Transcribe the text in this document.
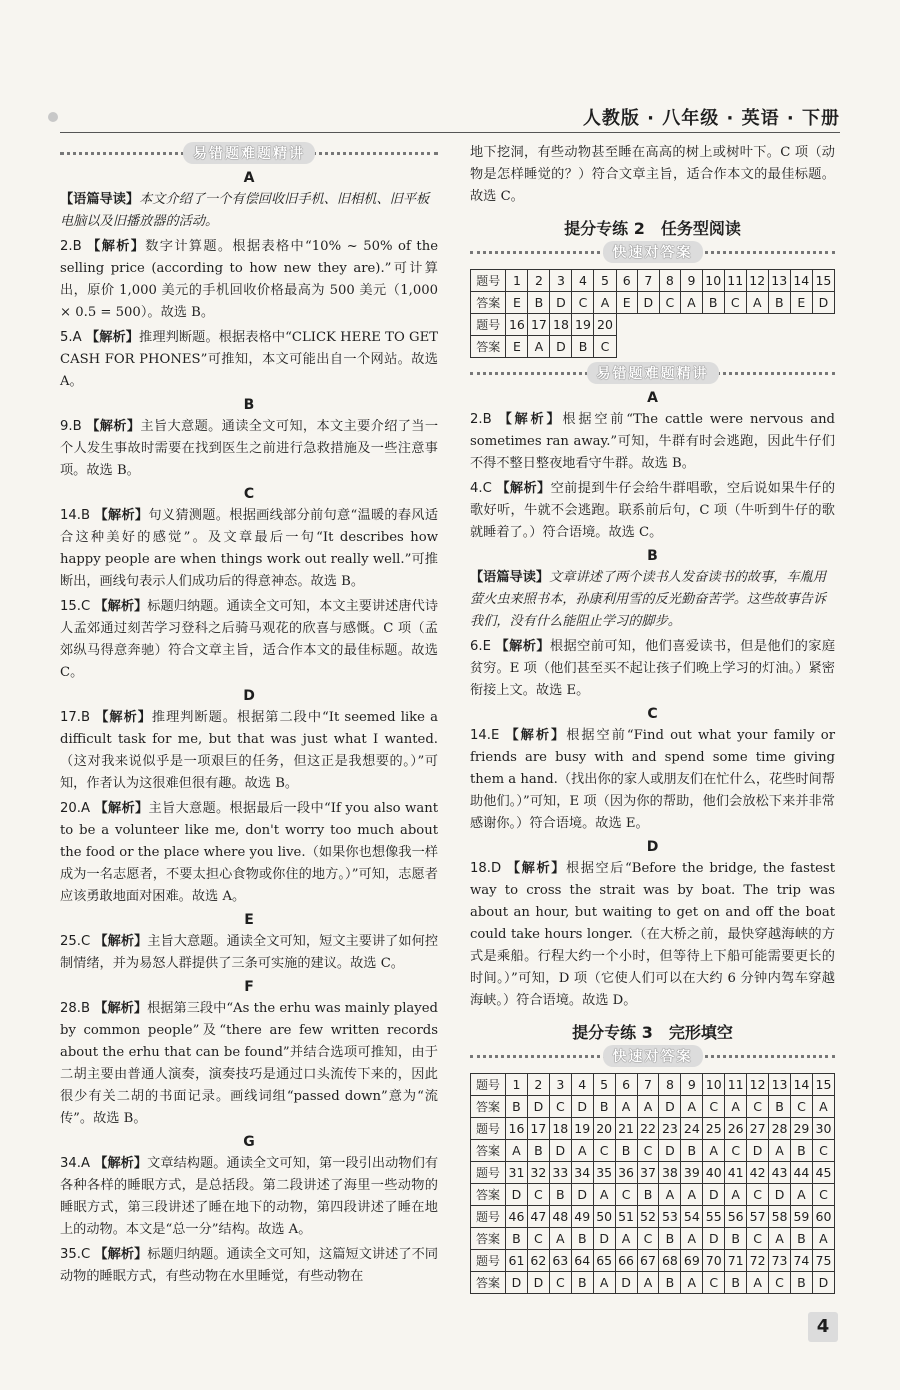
人教版 · 八年级 · 英语 · 下册
易错题难题精讲
A

【语篇导读】本文介绍了一个有偿回收旧手机、旧相机、旧平板电脑以及旧播放器的活动。

2.B 【解析】数字计算题。根据表格中“10% ~ 50% of the selling price (according to how new they are).”可计算出，原价 1,000 美元的手机回收价格最高为 500 美元（1,000 × 0.5 = 500）。故选 B。

5.A 【解析】推理判断题。根据表格中“CLICK HERE TO GET CASH FOR PHONES”可推知，本文可能出自一个网站。故选 A。

B

9.B 【解析】主旨大意题。通读全文可知，本文主要介绍了当一个人发生事故时需要在找到医生之前进行急救措施及一些注意事项。故选 B。

C

14.B 【解析】句义猜测题。根据画线部分前句意“温暖的春风适合这种美好的感觉”。及文章最后一句“It describes how happy people are when things work out really well.”可推断出，画线句表示人们成功后的得意神态。故选 B。

15.C 【解析】标题归纳题。通读全文可知，本文主要讲述唐代诗人孟郊通过刻苦学习登科之后骑马观花的欣喜与感慨。C 项（孟郊纵马得意奔驰）符合文章主旨，适合作本文的最佳标题。故选 C。

D

17.B 【解析】推理判断题。根据第二段中“It seemed like a difficult task for me, but that was just what I wanted.（这对我来说似乎是一项艰巨的任务，但这正是我想要的。）”可知，作者认为这很难但很有趣。故选 B。

20.A 【解析】主旨大意题。根据最后一段中“If you also want to be a volunteer like me, don't worry too much about the food or the place where you live.（如果你也想像我一样成为一名志愿者，不要太担心食物或你住的地方。）”可知，志愿者应该勇敢地面对困难。故选 A。

E

25.C 【解析】主旨大意题。通读全文可知，短文主要讲了如何控制情绪，并为易怒人群提供了三条可实施的建议。故选 C。

F

28.B 【解析】根据第三段中“As the erhu was mainly played by common people”及“there are few written records about the erhu that can be found”并结合选项可推知，由于二胡主要由普通人演奏，演奏技巧是通过口头流传下来的，因此很少有关二胡的书面记录。画线词组“passed down”意为“流传”。故选 B。

G

34.A 【解析】文章结构题。通读全文可知，第一段引出动物们有各种各样的睡眠方式，是总括段。第二段讲述了海里一些动物的睡眠方式，第三段讲述了睡在地下的动物，第四段讲述了睡在地上的动物。本文是“总一分”结构。故选 A。

35.C 【解析】标题归纳题。通读全文可知，这篇短文讲述了不同动物的睡眠方式，有些动物在水里睡觉，有些动物在

地下挖洞，有些动物甚至睡在高高的树上或树叶下。C 项（动物是怎样睡觉的？）符合文章主旨，适合作本文的最佳标题。故选 C。

提分专练 2　任务型阅读
快速对答案
题号	1	2	3	4	5	6	7	8	9	10	11	12	13	14	15
答案	E	B	D	C	A	E	D	C	A	B	C	A	B	E	D
题号	16	17	18	19	20										
答案	E	A	D	B	C										
易错题难题精讲
A

2.B 【解析】根据空前“The cattle were nervous and sometimes ran away.”可知，牛群有时会逃跑，因此牛仔们不得不整日整夜地看守牛群。故选 B。

4.C 【解析】空前提到牛仔会给牛群唱歌，空后说如果牛仔的歌好听，牛就不会逃跑。联系前后句，C 项（牛听到牛仔的歌就睡着了。）符合语境。故选 C。

B

【语篇导读】文章讲述了两个读书人发奋读书的故事，车胤用萤火虫来照书本，孙康利用雪的反光勤奋苦学。这些故事告诉我们，没有什么能阻止学习的脚步。

6.E 【解析】根据空前可知，他们喜爱读书，但是他们的家庭贫穷。E 项（他们甚至买不起让孩子们晚上学习的灯油。）紧密衔接上文。故选 E。

C

14.E 【解析】根据空前“Find out what your family or friends are busy with and spend some time giving them a hand.（找出你的家人或朋友们在忙什么，花些时间帮助他们。）”可知，E 项（因为你的帮助，他们会放松下来并非常感谢你。）符合语境。故选 E。

D

18.D 【解析】根据空后“Before the bridge, the fastest way to cross the strait was by boat. The trip was about an hour, but waiting to get on and off the boat could take hours longer.（在大桥之前，最快穿越海峡的方式是乘船。行程大约一个小时，但等待上下船可能需要更长的时间。）”可知，D 项（它使人们可以在大约 6 分钟内驾车穿越海峡。）符合语境。故选 D。

提分专练 3　完形填空
快速对答案
题号	1	2	3	4	5	6	7	8	9	10	11	12	13	14	15
答案	B	D	C	D	B	A	A	D	A	C	A	C	B	C	A
题号	16	17	18	19	20	21	22	23	24	25	26	27	28	29	30
答案	A	B	D	A	C	B	C	D	B	A	C	D	A	B	C
题号	31	32	33	34	35	36	37	38	39	40	41	42	43	44	45
答案	D	C	B	D	A	C	B	A	A	D	A	C	D	A	C
题号	46	47	48	49	50	51	52	53	54	55	56	57	58	59	60
答案	B	C	A	B	D	A	C	B	A	D	B	C	A	B	A
题号	61	62	63	64	65	66	67	68	69	70	71	72	73	74	75
答案	D	D	C	B	A	D	A	B	A	C	B	A	C	B	D
4
